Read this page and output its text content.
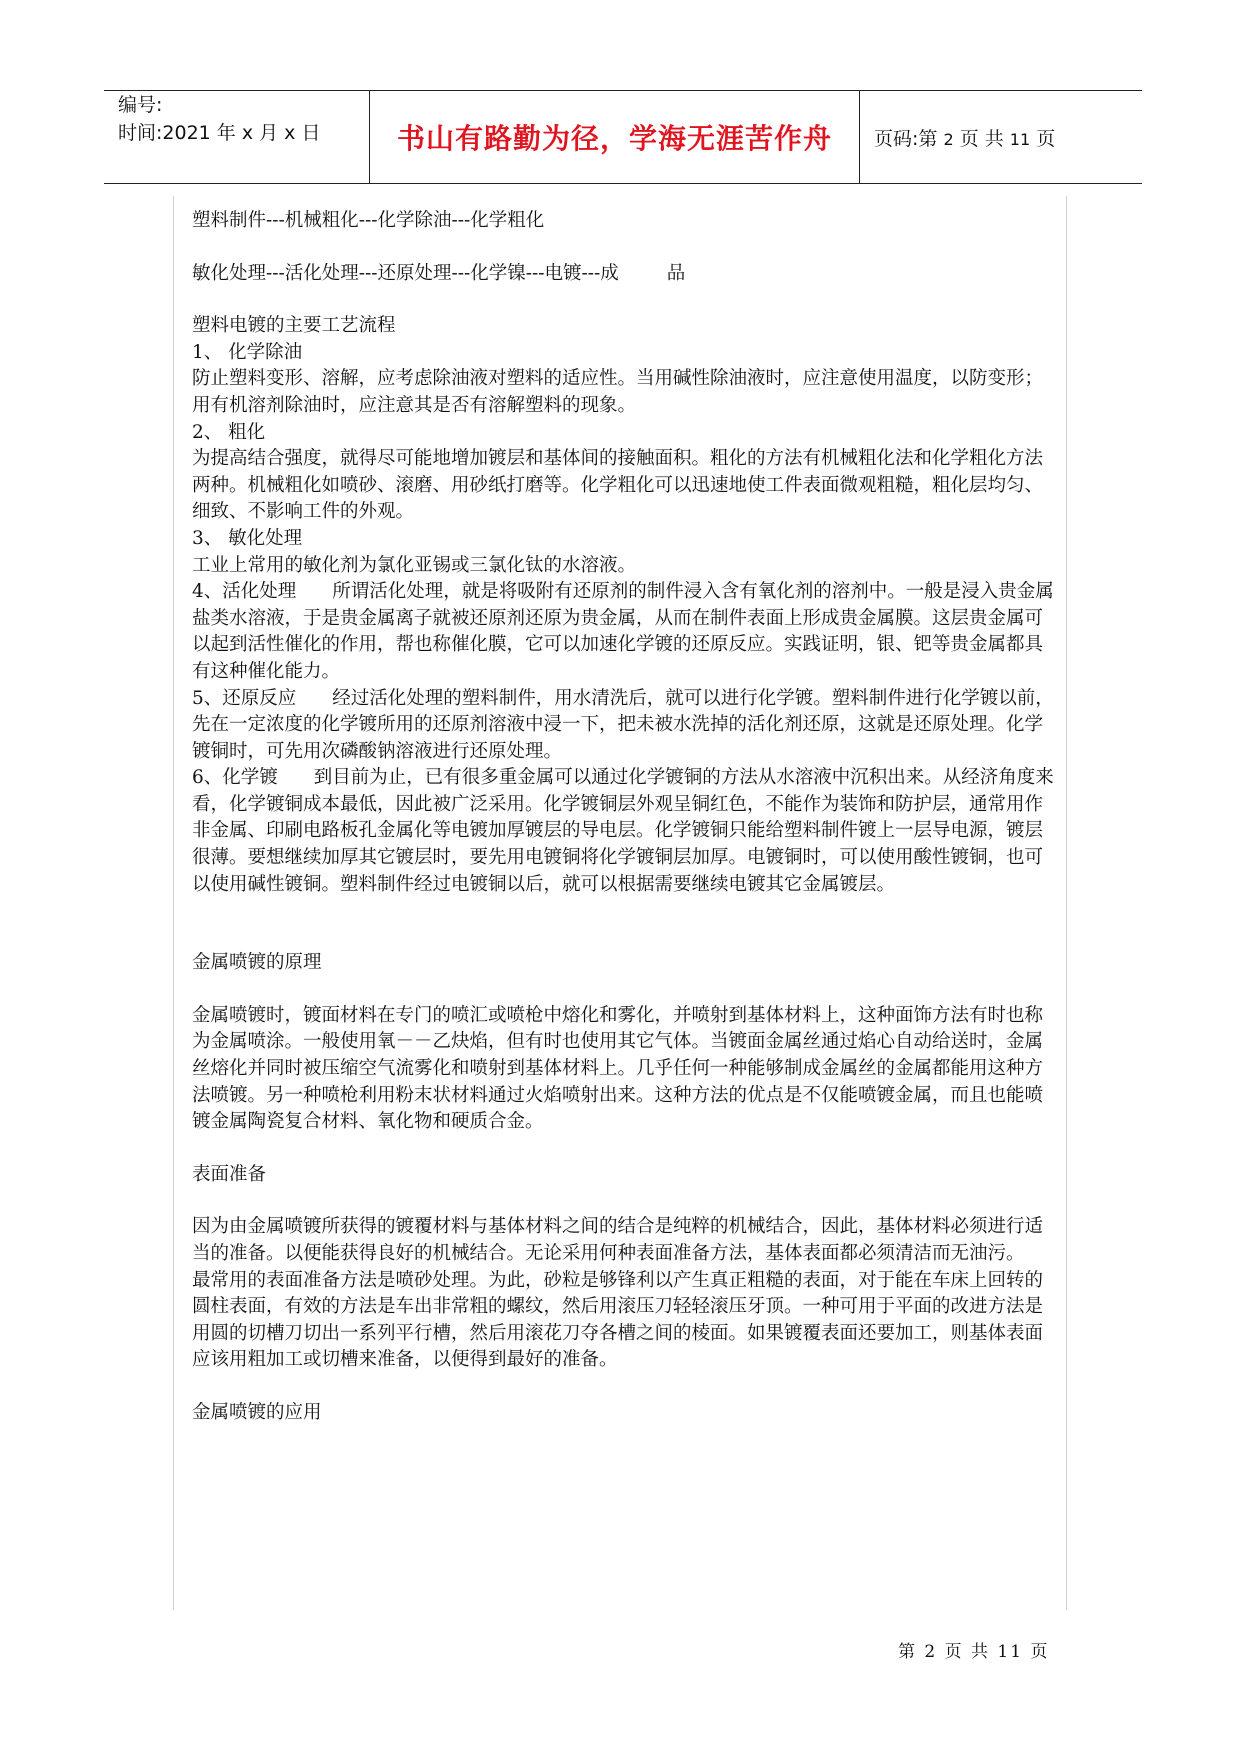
编号:
时间:2021 年 x 月 x 日	书山有路勤为径，学海无涯苦作舟 页码:第 2 页 共 11 页

塑料制件---机械粗化---化学除油---化学粗化

敏化处理---活化处理---还原处理---化学镍---电镀---成	品

塑料电镀的主要工艺流程

1、 化学除油

防止塑料变形、溶解，应考虑除油液对塑料的适应性。当用碱性除油液时，应注意使用温度，以防变形；用有机溶剂除油时，应注意其是否有溶解塑料的现象。

2、 粗化

为提高结合强度，就得尽可能地增加镀层和基体间的接触面积。粗化的方法有机械粗化法和化学粗化方法两种。机械粗化如喷砂、滚磨、用砂纸打磨等。化学粗化可以迅速地使工件表面微观粗糙，粗化层均匀、细致、不影响工件的外观。

3、 敏化处理

工业上常用的敏化剂为氯化亚锡或三氯化钛的水溶液。

4、活化处理 所谓活化处理，就是将吸附有还原剂的制件浸入含有氧化剂的溶剂中。一般是浸入贵金属盐类水溶液，于是贵金属离子就被还原剂还原为贵金属，从而在制件表面上形成贵金属膜。这层贵金属可以起到活性催化的作用，帮也称催化膜，它可以加速化学镀的还原反应。实践证明，银、钯等贵金属都具有这种催化能力。

5、还原反应 经过活化处理的塑料制件，用水清洗后，就可以进行化学镀。塑料制件进行化学镀以前，先在一定浓度的化学镀所用的还原剂溶液中浸一下，把未被水洗掉的活化剂还原，这就是还原处理。化学镀铜时，可先用次磷酸钠溶液进行还原处理。

6、化学镀 到目前为止，已有很多重金属可以通过化学镀铜的方法从水溶液中沉积出来。从经济角度来看，化学镀铜成本最低，因此被广泛采用。化学镀铜层外观呈铜红色，不能作为装饰和防护层，通常用作非金属、印刷电路板孔金属化等电镀加厚镀层的导电层。化学镀铜只能给塑料制件镀上一层导电源，镀层很薄。要想继续加厚其它镀层时，要先用电镀铜将化学镀铜层加厚。电镀铜时，可以使用酸性镀铜，也可以使用碱性镀铜。塑料制件经过电镀铜以后，就可以根据需要继续电镀其它金属镀层。

金属喷镀的原理

金属喷镀时，镀面材料在专门的喷汇或喷枪中熔化和雾化，并喷射到基体材料上，这种面饰方法有时也称为金属喷涂。一般使用氧－－乙炔焰，但有时也使用其它气体。当镀面金属丝通过焰心自动给送时，金属丝熔化并同时被压缩空气流雾化和喷射到基体材料上。几乎任何一种能够制成金属丝的金属都能用这种方法喷镀。另一种喷枪利用粉末状材料通过火焰喷射出来。这种方法的优点是不仅能喷镀金属，而且也能喷镀金属陶瓷复合材料、氧化物和硬质合金。

表面准备

因为由金属喷镀所获得的镀覆材料与基体材料之间的结合是纯粹的机械结合，因此，基体材料必须进行适当的准备。以便能获得良好的机械结合。无论采用何种表面准备方法，基体表面都必须清洁而无油污。

最常用的表面准备方法是喷砂处理。为此，砂粒是够锋利以产生真正粗糙的表面，对于能在车床上回转的圆柱表面，有效的方法是车出非常粗的螺纹，然后用滚压刀轻轻滚压牙顶。一种可用于平面的改进方法是用圆的切槽刀切出一系列平行槽，然后用滚花刀夺各槽之间的棱面。如果镀覆表面还要加工，则基体表面应该用粗加工或切槽来准备，以便得到最好的准备。

金属喷镀的应用

第 2 页 共 11 页
